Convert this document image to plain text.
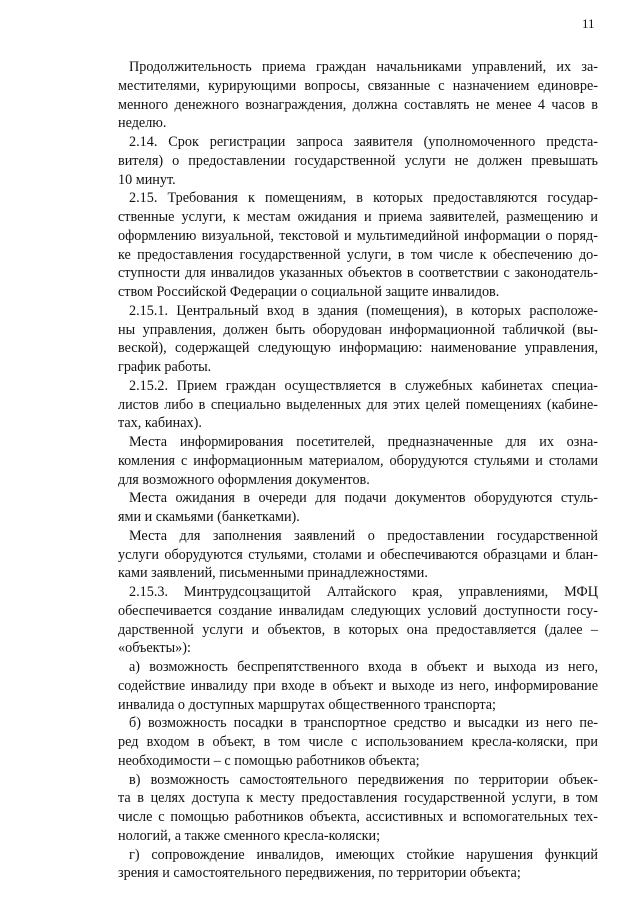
11
Продолжительность приема граждан начальниками управлений, их за-
местителями, курирующими вопросы, связанные с назначением единовре-
менного денежного вознаграждения, должна составлять не менее 4 часов в
неделю.
2.14. Срок регистрации запроса заявителя (уполномоченного предста-
вителя) о предоставлении государственной услуги не должен превышать
10 минут.
2.15. Требования к помещениям, в которых предоставляются государ-
ственные услуги, к местам ожидания и приема заявителей, размещению и
оформлению визуальной, текстовой и мультимедийной информации о поряд-
ке предоставления государственной услуги, в том числе к обеспечению до-
ступности для инвалидов указанных объектов в соответствии с законодатель-
ством Российской Федерации о социальной защите инвалидов.
2.15.1. Центральный вход в здания (помещения), в которых расположе-
ны управления, должен быть оборудован информационной табличкой (вы-
веской), содержащей следующую информацию: наименование управления,
график работы.
2.15.2. Прием граждан осуществляется в служебных кабинетах специа-
листов либо в специально выделенных для этих целей помещениях (кабине-
тах, кабинах).
Места информирования посетителей, предназначенные для их озна-
комления с информационным материалом, оборудуются стульями и столами
для возможного оформления документов.
Места ожидания в очереди для подачи документов оборудуются стуль-
ями и скамьями (банкетками).
Места для заполнения заявлений о предоставлении государственной
услуги оборудуются стульями, столами и обеспечиваются образцами и блан-
ками заявлений, письменными принадлежностями.
2.15.3. Минтрудсоцзащитой Алтайского края, управлениями, МФЦ
обеспечивается создание инвалидам следующих условий доступности госу-
дарственной услуги и объектов, в которых она предоставляется (далее –
«объекты»):
а) возможность беспрепятственного входа в объект и выхода из него,
содействие инвалиду при входе в объект и выходе из него, информирование
инвалида о доступных маршрутах общественного транспорта;
б) возможность посадки в транспортное средство и высадки из него пе-
ред входом в объект, в том числе с использованием кресла-коляски, при
необходимости – с помощью работников объекта;
в) возможность самостоятельного передвижения по территории объек-
та в целях доступа к месту предоставления государственной услуги, в том
числе с помощью работников объекта, ассистивных и вспомогательных тех-
нологий, а также сменного кресла-коляски;
г) сопровождение инвалидов, имеющих стойкие нарушения функций
зрения и самостоятельного передвижения, по территории объекта;
